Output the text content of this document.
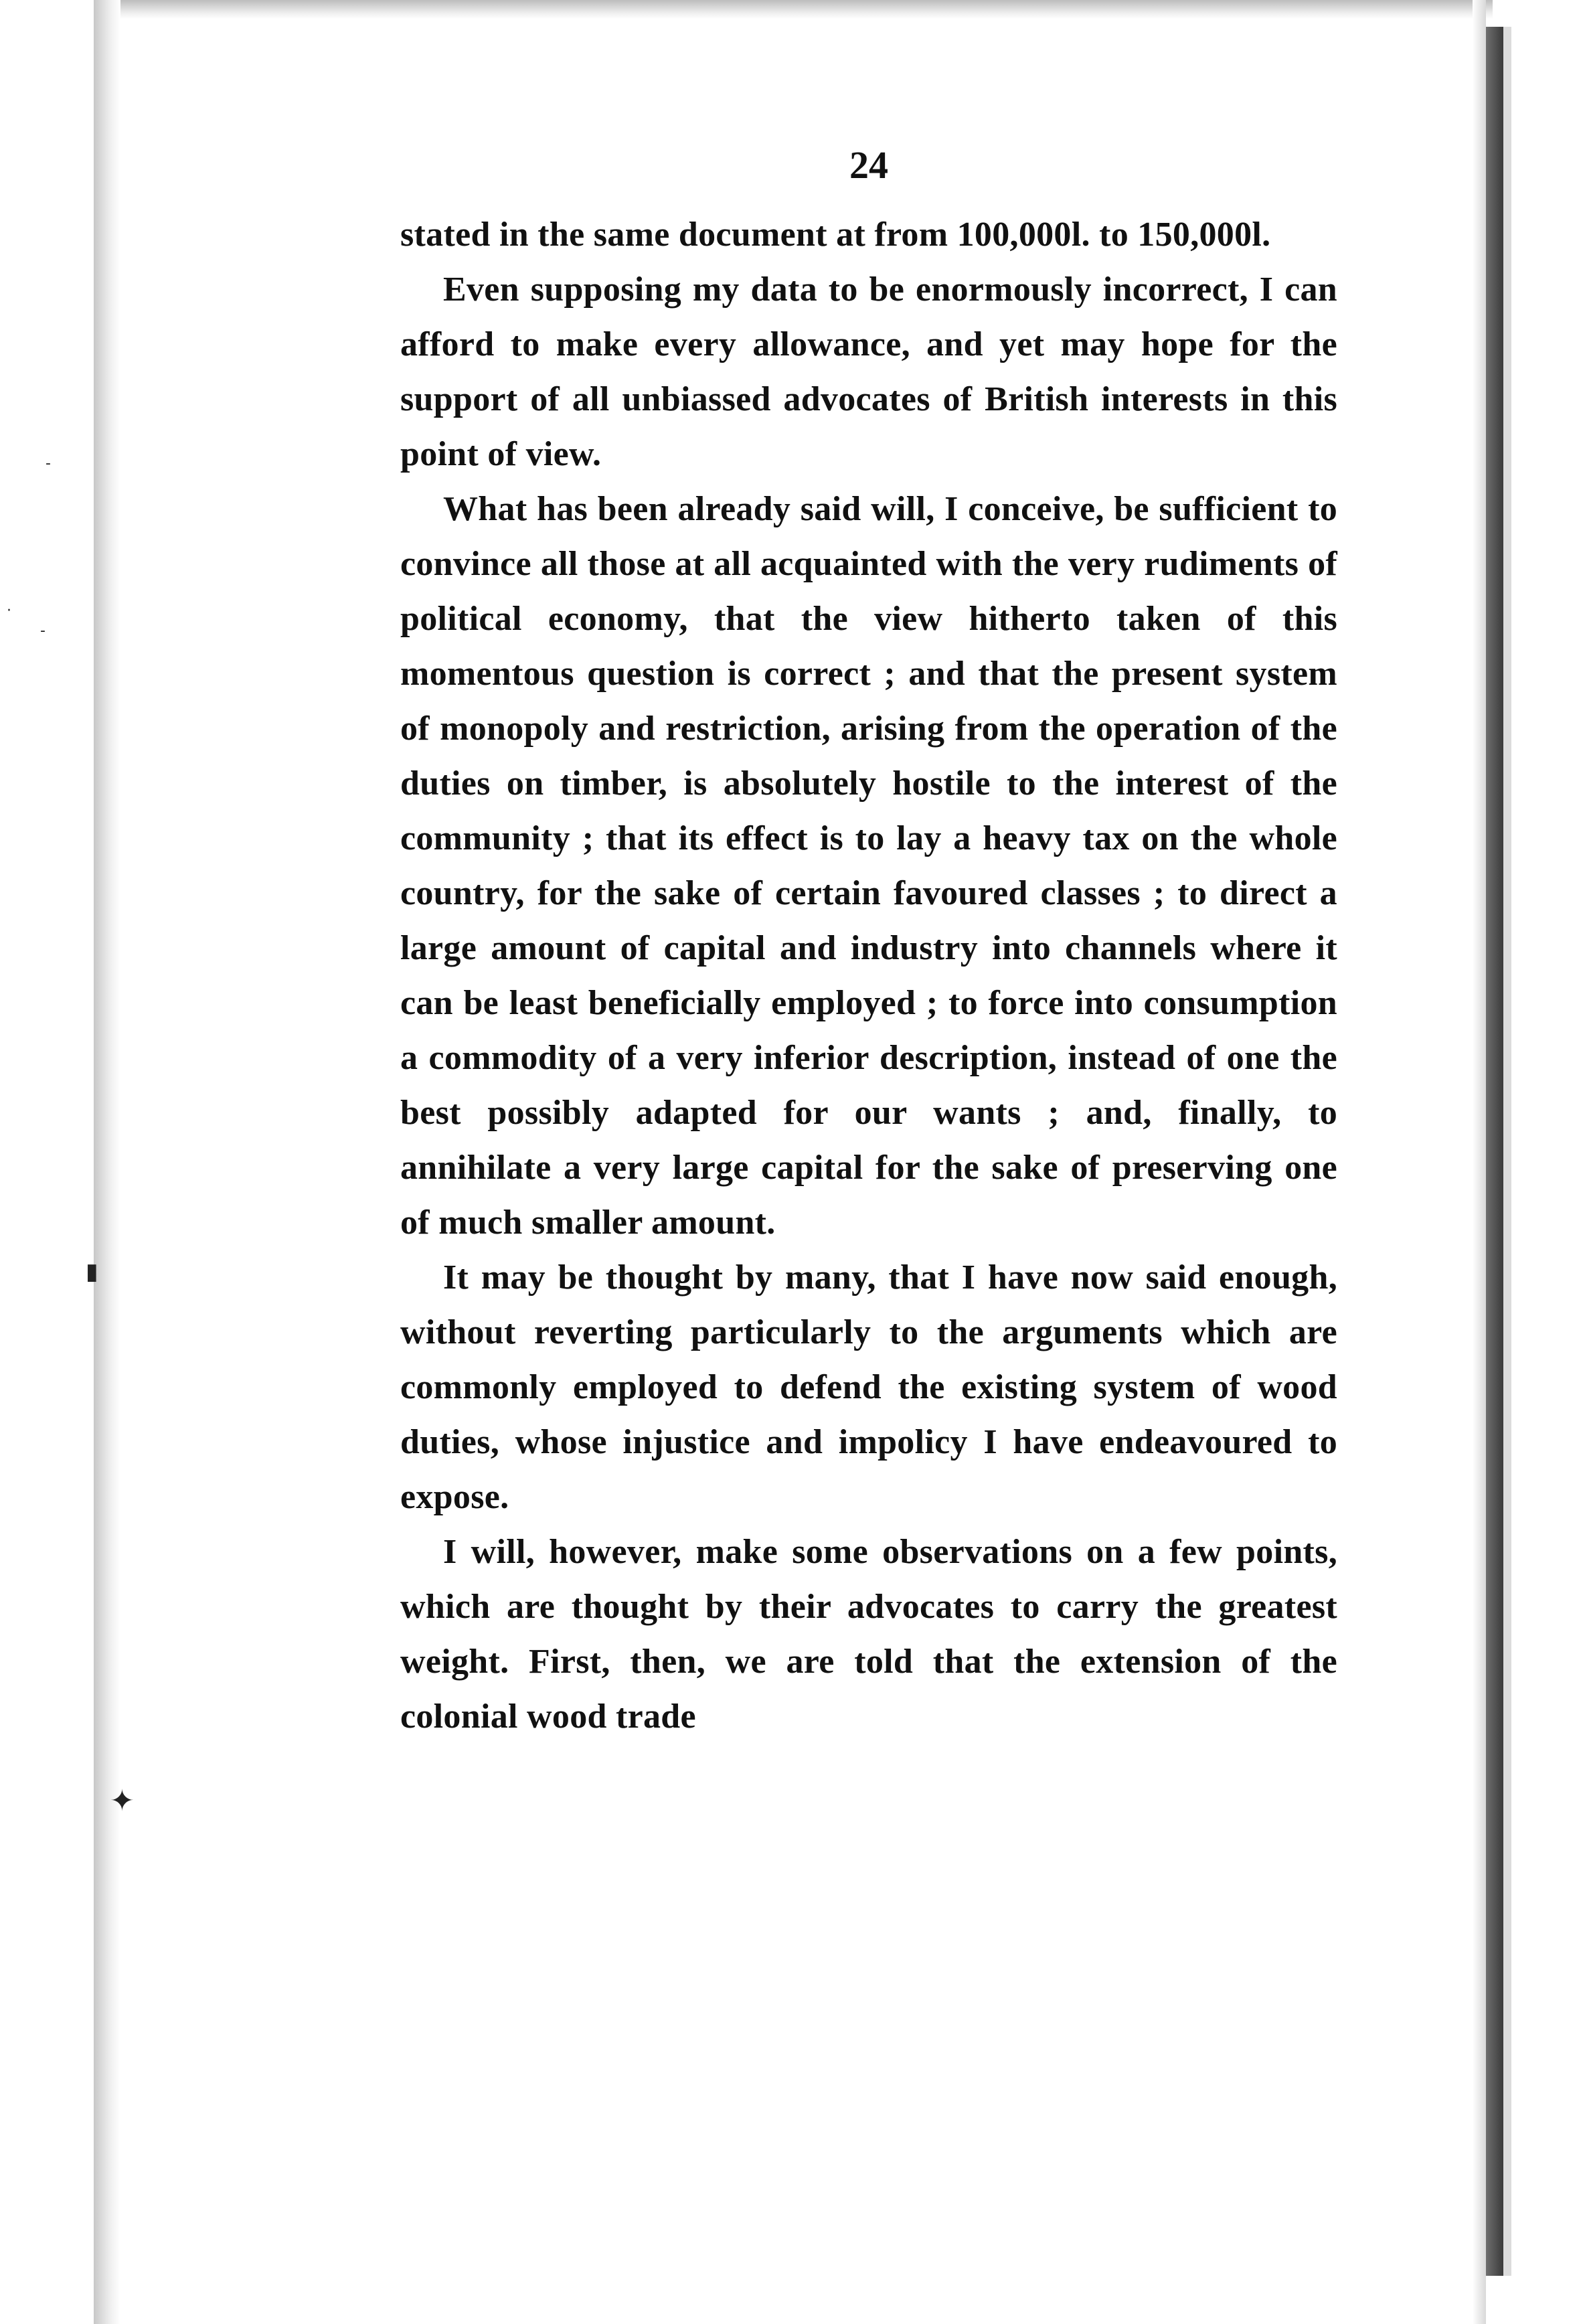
-
·
-
▮
✦
24

stated in the same document at from 100,000l. to 150,000l.

Even supposing my data to be enormously incorrect, I can afford to make every allowance, and yet may hope for the support of all unbiassed advocates of British interests in this point of view.

What has been already said will, I conceive, be sufficient to convince all those at all acquainted with the very rudiments of political economy, that the view hitherto taken of this momentous question is correct ; and that the present system of monopoly and restriction, arising from the operation of the duties on timber, is absolutely hostile to the interest of the community ; that its effect is to lay a heavy tax on the whole country, for the sake of certain favoured classes ; to direct a large amount of capital and industry into channels where it can be least beneficially employed ; to force into consumption a commodity of a very inferior description, instead of one the best possibly adapted for our wants ; and, finally, to annihilate a very large capital for the sake of preserving one of much smaller amount.

It may be thought by many, that I have now said enough, without reverting particularly to the arguments which are commonly employed to defend the existing system of wood duties, whose injustice and impolicy I have endeavoured to expose.

I will, however, make some observations on a few points, which are thought by their advocates to carry the greatest weight. First, then, we are told that the extension of the colonial wood trade
